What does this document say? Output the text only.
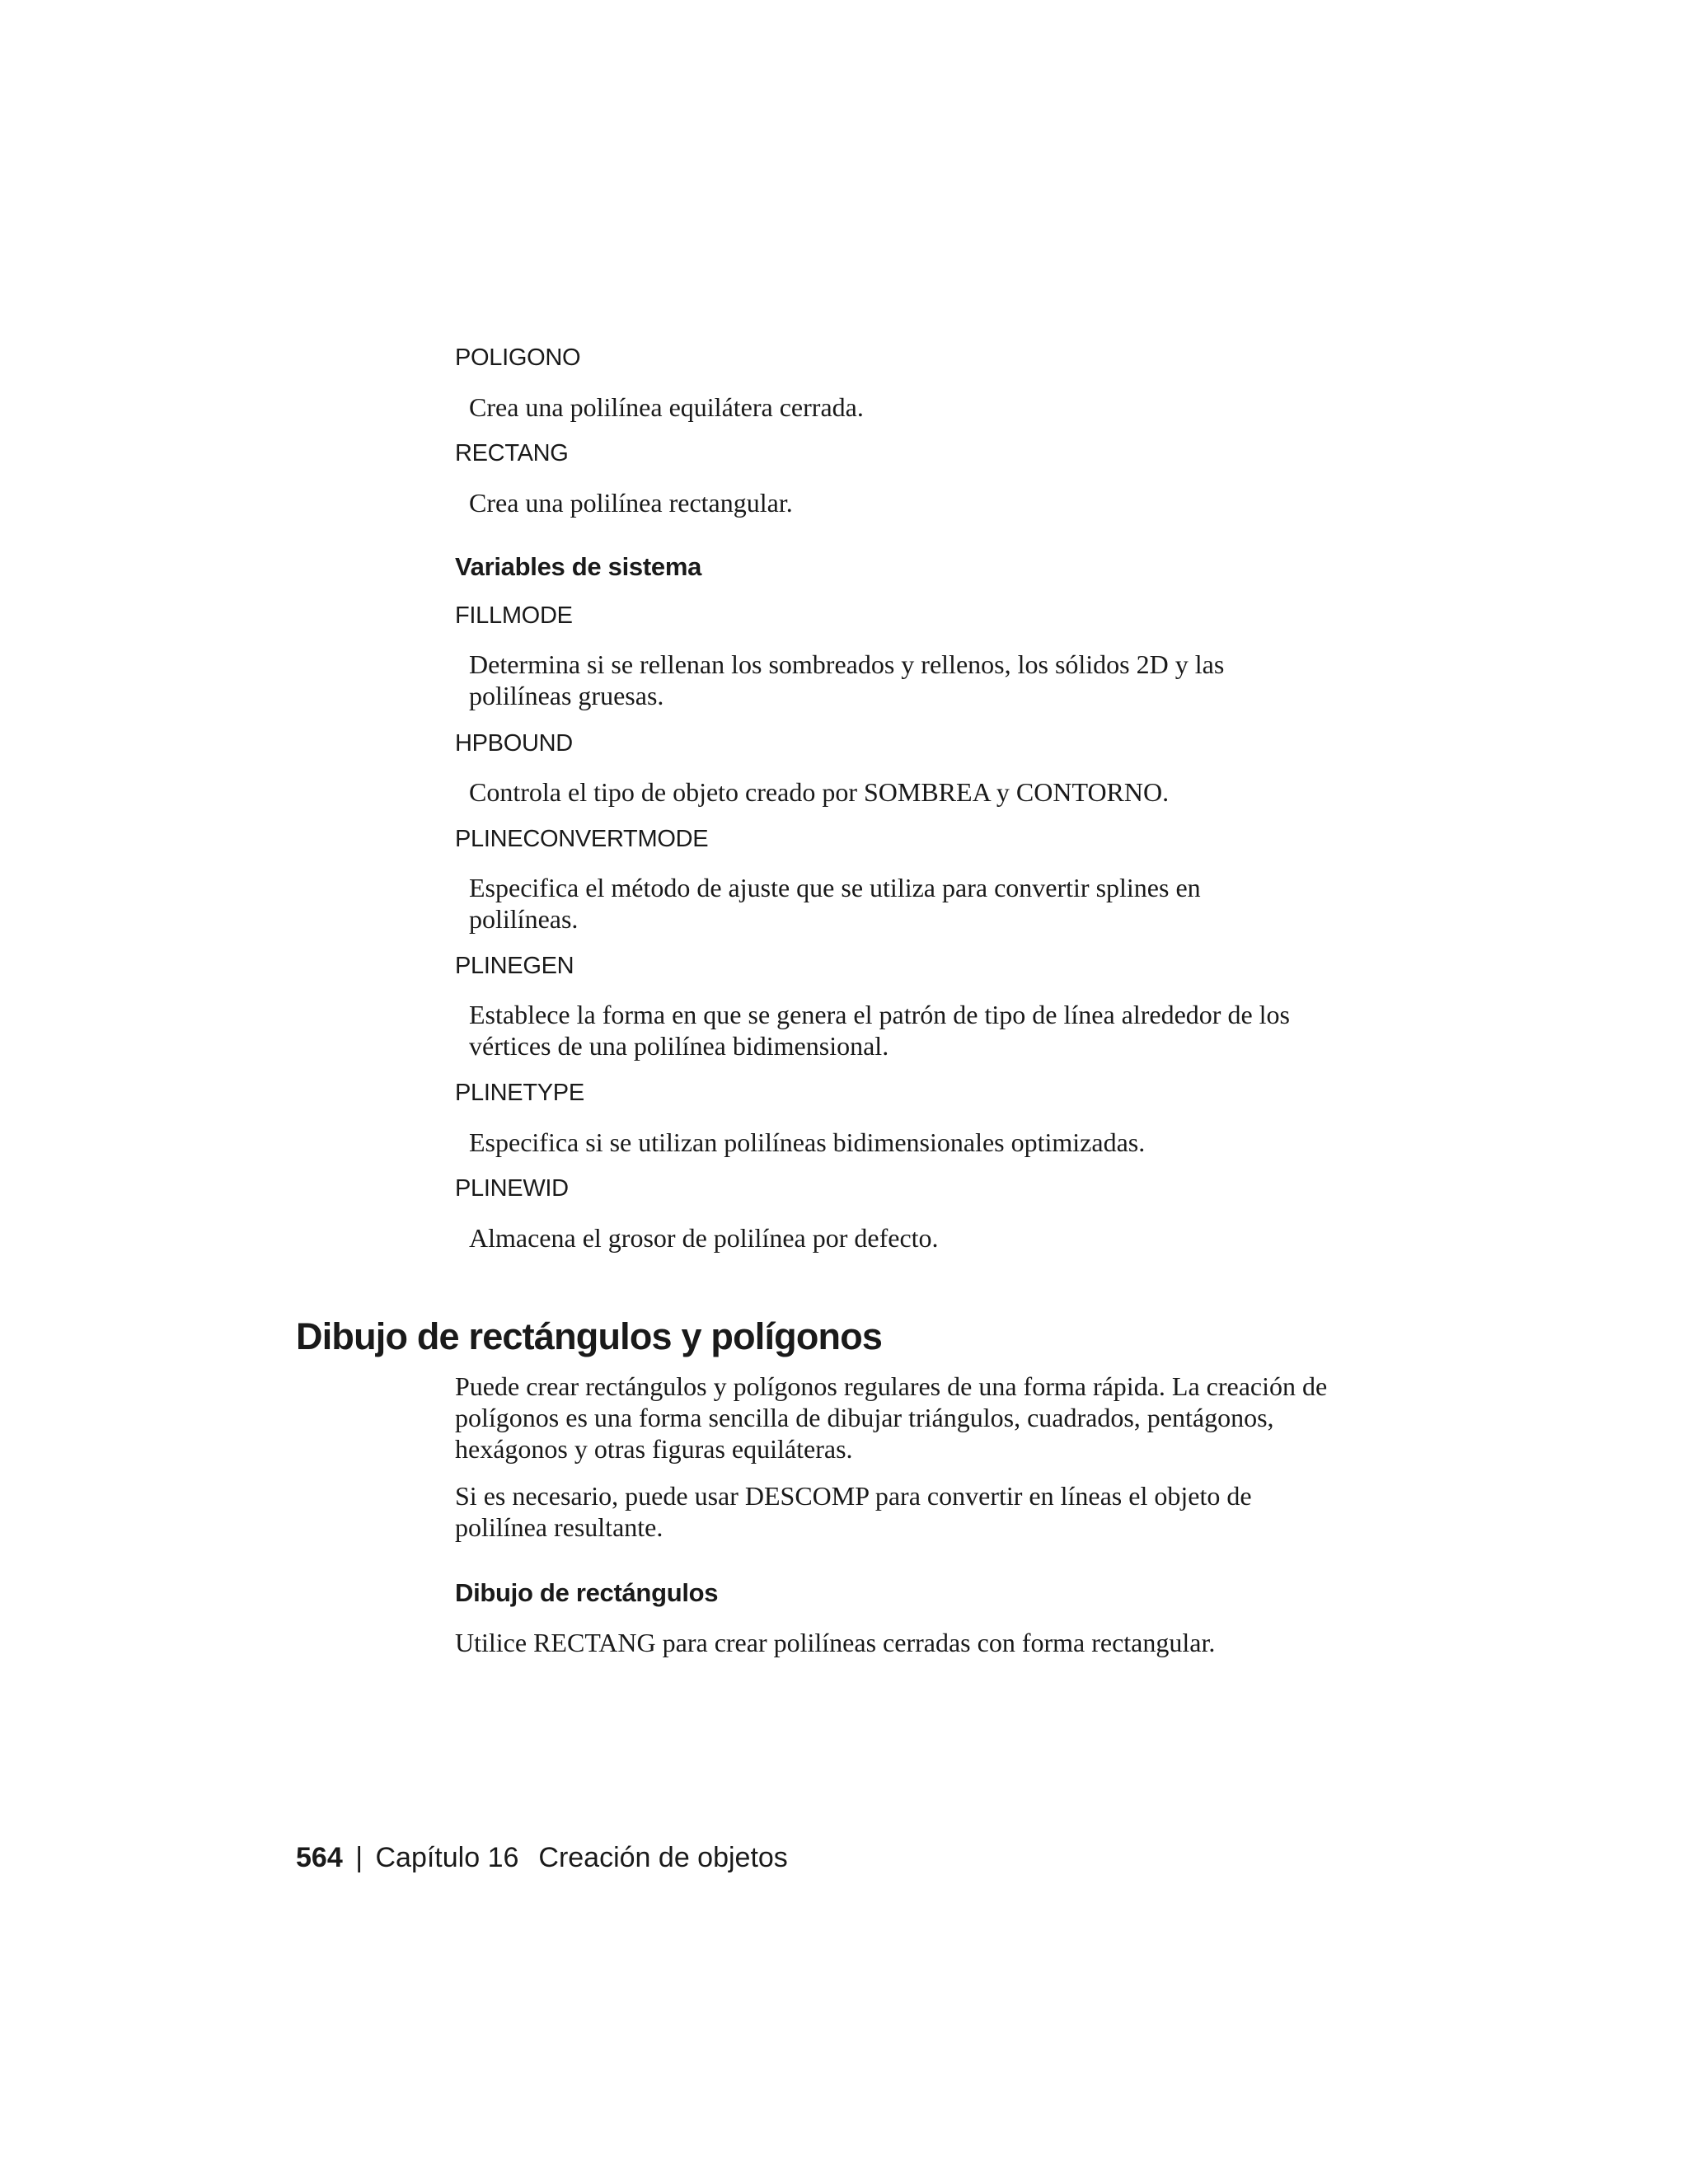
POLIGONO
Crea una polilínea equilátera cerrada.
RECTANG
Crea una polilínea rectangular.
Variables de sistema
FILLMODE
Determina si se rellenan los sombreados y rellenos, los sólidos 2D y las polilíneas gruesas.
HPBOUND
Controla el tipo de objeto creado por SOMBREA y CONTORNO.
PLINECONVERTMODE
Especifica el método de ajuste que se utiliza para convertir splines en polilíneas.
PLINEGEN
Establece la forma en que se genera el patrón de tipo de línea alrededor de los vértices de una polilínea bidimensional.
PLINETYPE
Especifica si se utilizan polilíneas bidimensionales optimizadas.
PLINEWID
Almacena el grosor de polilínea por defecto.
Dibujo de rectángulos y polígonos
Puede crear rectángulos y polígonos regulares de una forma rápida. La creación de polígonos es una forma sencilla de dibujar triángulos, cuadrados, pentágonos, hexágonos y otras figuras equiláteras.
Si es necesario, puede usar DESCOMP para convertir en líneas el objeto de polilínea resultante.
Dibujo de rectángulos
Utilice RECTANG para crear polilíneas cerradas con forma rectangular.
564 | Capítulo 16 Creación de objetos
